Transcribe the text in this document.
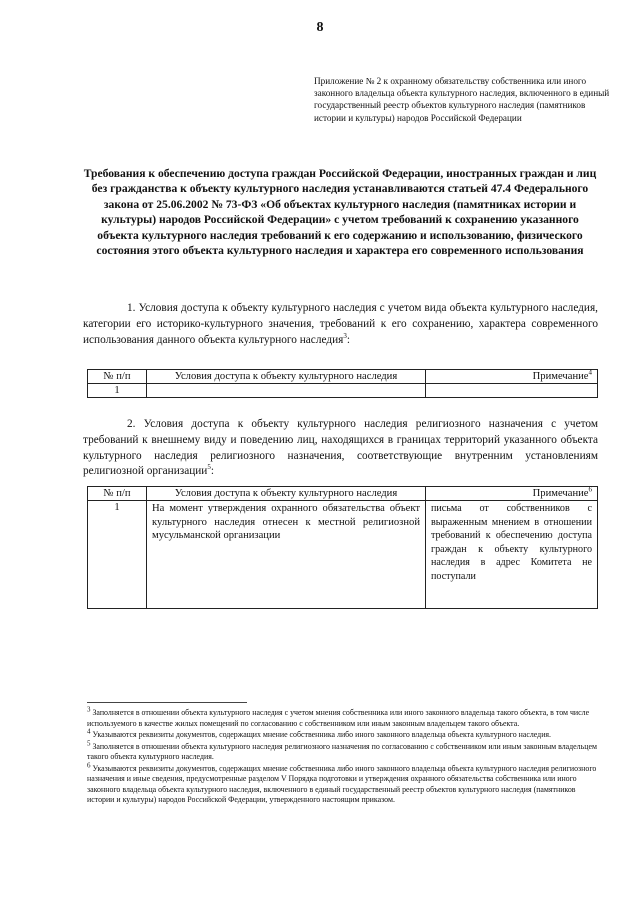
8
Приложение № 2 к охранному обязательству собственника или иного законного владельца объекта культурного наследия, включенного в единый государственный реестр объектов культурного наследия (памятников истории и культуры) народов Российской Федерации
Требования к обеспечению доступа граждан Российской Федерации, иностранных граждан и лиц без гражданства к объекту культурного наследия устанавливаются статьей 47.4 Федерального закона от 25.06.2002 № 73-ФЗ «Об объектах культурного наследия (памятниках истории и культуры) народов Российской Федерации» с учетом требований к сохранению указанного объекта культурного наследия требований к его содержанию и использованию, физического состояния этого объекта культурного наследия и характера его современного использования
1. Условия доступа к объекту культурного наследия с учетом вида объекта культурного наследия, категории его историко-культурного значения, требований к его сохранению, характера современного использования данного объекта культурного наследия$^3$:
№ п/п	Условия доступа к объекту культурного наследия	Примечание$^4$
1		
2. Условия доступа к объекту культурного наследия религиозного назначения с учетом требований к внешнему виду и поведению лиц, находящихся в границах территорий указанного объекта культурного наследия религиозного назначения, соответствующие внутренним установлениям религиозной организации$^5$:
№ п/п	Условия доступа к объекту культурного наследия	Примечание$^6$
1	На момент утверждения охранного обязательства объект культурного наследия отнесен к местной религиозной мусульманской организации	письма от собственников с выраженным мнением в отношении требований к обеспечению доступа граждан к объекту культурного наследия в адрес Комитета не поступали
$^3$ Заполняется в отношении объекта культурного наследия с учетом мнения собственника или иного законного владельца такого объекта, в том числе используемого в качестве жилых помещений по согласованию с собственником или иным законным владельцем такого объекта.
$^4$ Указываются реквизиты документов, содержащих мнение собственника либо иного законного владельца объекта культурного наследия.
$^5$ Заполняется в отношении объекта культурного наследия религиозного назначения по согласованию с собственником или иным законным владельцем такого объекта культурного наследия.
$^6$ Указываются реквизиты документов, содержащих мнение собственника либо иного законного владельца объекта культурного наследия религиозного назначения и иные сведения, предусмотренные разделом V Порядка подготовки и утверждения охранного обязательства собственника или иного законного владельца объекта культурного наследия, включенного в единый государственный реестр объектов культурного наследия (памятников истории и культуры) народов Российской Федерации, утвержденного настоящим приказом.
